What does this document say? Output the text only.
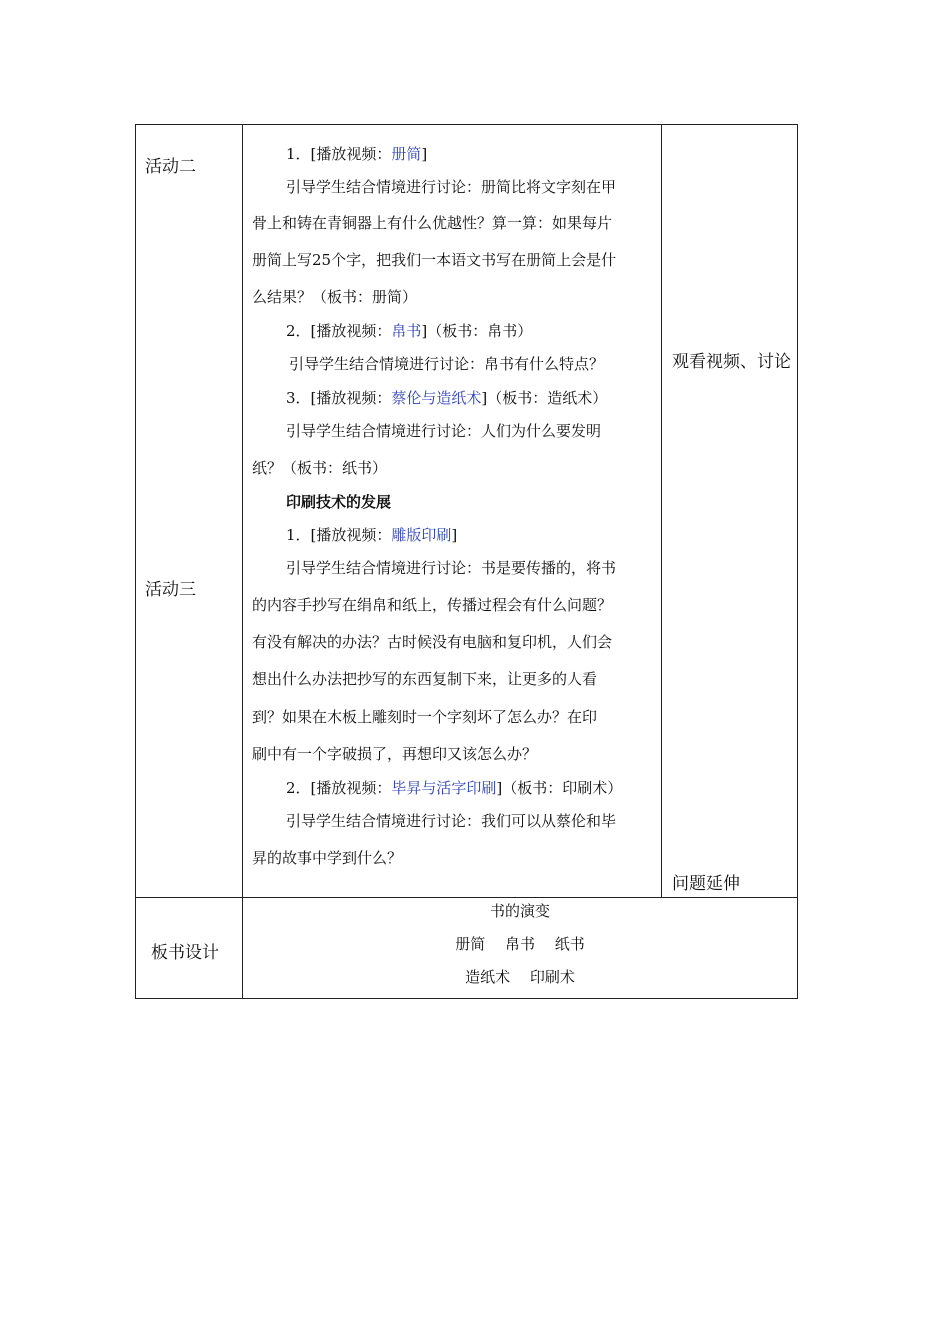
活动二
活动三
板书设计
1．[播放视频：册简]
引导学生结合情境进行讨论：册简比将文字刻在甲
骨上和铸在青铜器上有什么优越性？算一算：如果每片
册简上写25个字，把我们一本语文书写在册简上会是什
么结果？（板书：册简）
2．[播放视频：帛书]（板书：帛书）
引导学生结合情境进行讨论：帛书有什么特点？
3．[播放视频：蔡伦与造纸术]（板书：造纸术）
引导学生结合情境进行讨论：人们为什么要发明
纸？（板书：纸书）
印刷技术的发展
1．[播放视频：雕版印刷]
引导学生结合情境进行讨论：书是要传播的，将书
的内容手抄写在绢帛和纸上，传播过程会有什么问题？
有没有解决的办法？古时候没有电脑和复印机，人们会
想出什么办法把抄写的东西复制下来，让更多的人看
到？如果在木板上雕刻时一个字刻坏了怎么办？在印
刷中有一个字破损了，再想印又该怎么办？
2．[播放视频：毕昇与活字印刷]（板书：印刷术）
引导学生结合情境进行讨论：我们可以从蔡伦和毕
昇的故事中学到什么？
观看视频、讨论
问题延伸
书的演变
册简　 帛书　 纸书
造纸术　 印刷术
